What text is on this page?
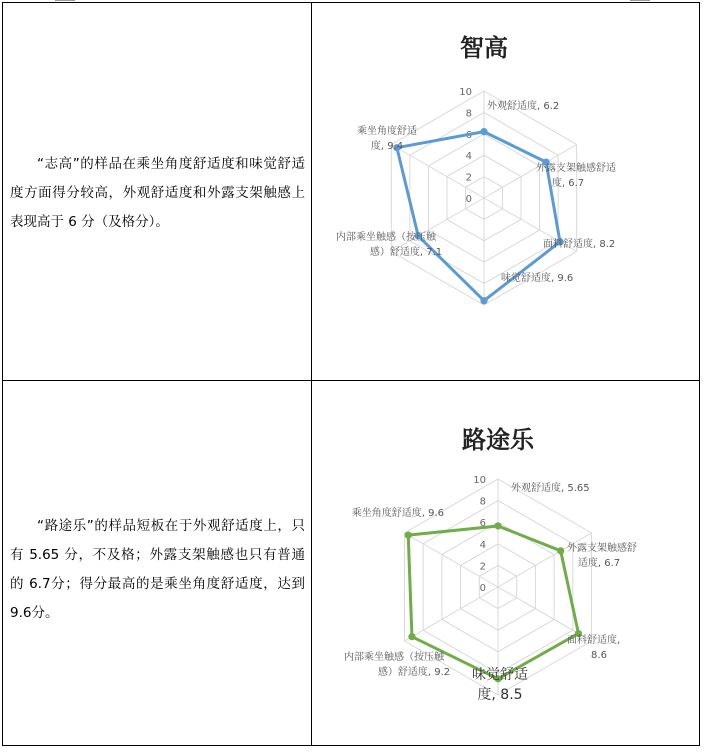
“志高”的样品在乘坐角度舒适度和味觉舒适度方面得分较高，外观舒适度和外露支架触感上表现高于 6 分（及格分）。
“路途乐”的样品短板在于外观舒适度上，只有 5.65 分，不及格；外露支架触感也只有普通的 6.7分；得分最高的是乘坐角度舒适度，达到 9.6分。
智高
0
2
4
6
8
10
外观舒适度, 6.2
外露支架触感舒适
度, 6.7
面料舒适度, 8.2
味觉舒适度, 9.6
内部乘坐触感（按压触
感）舒适度, 7.1
乘坐角度舒适
度, 9.4
路途乐
0
2
4
6
8
10
外观舒适度, 5.65
外露支架触感舒
适度, 6.7
面料舒适度,
8.6
味觉舒适
度, 8.5
内部乘坐触感（按压触
感）舒适度, 9.2
乘坐角度舒适度, 9.6
